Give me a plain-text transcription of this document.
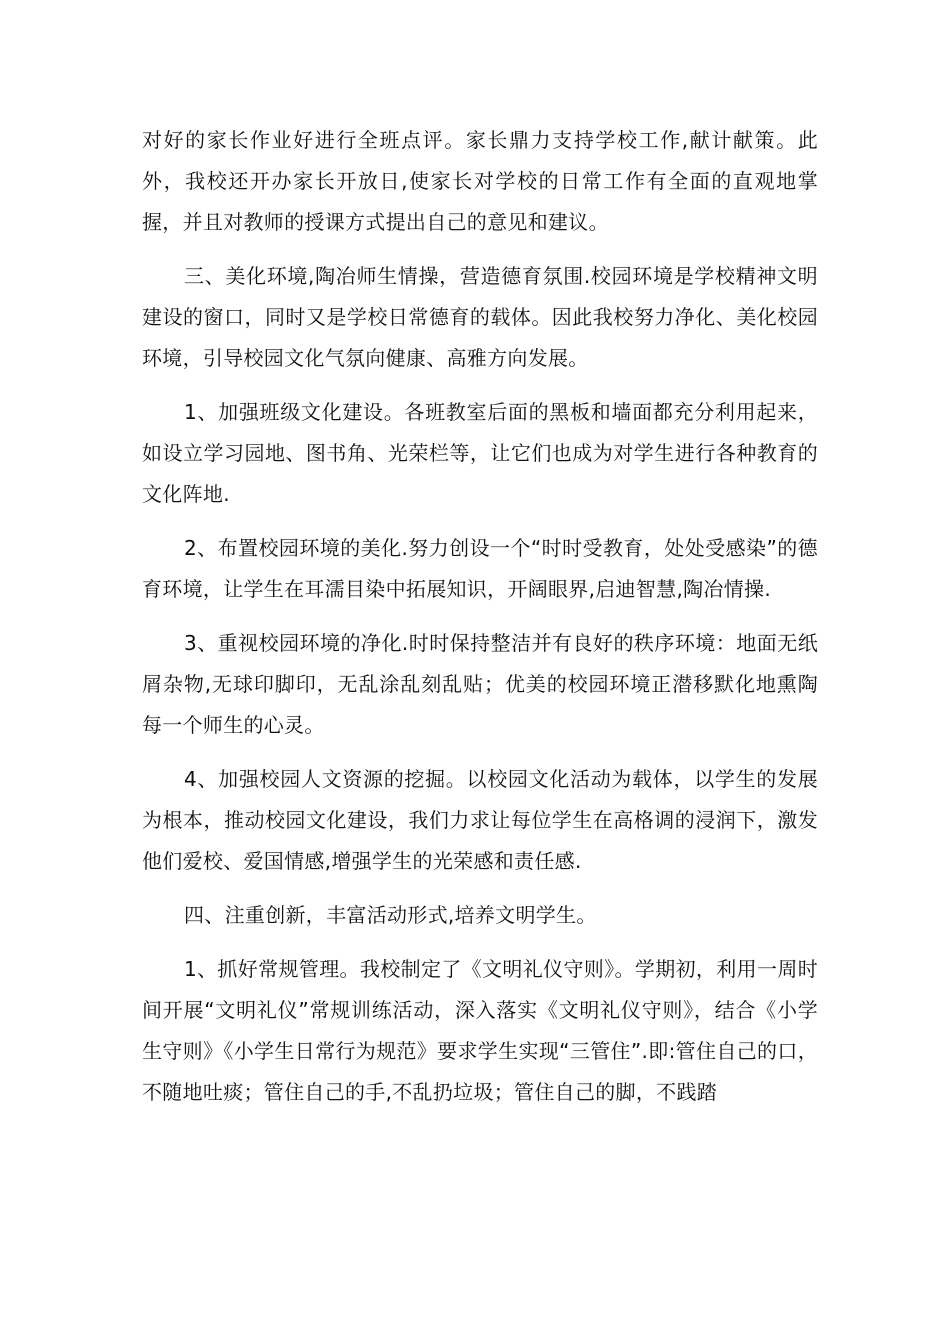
对好的家长作业好进行全班点评。家长鼎力支持学校工作,献计献策。此外，我校还开办家长开放日,使家长对学校的日常工作有全面的直观地掌握，并且对教师的授课方式提出自己的意见和建议。

三、美化环境,陶冶师生情操，营造德育氛围.校园环境是学校精神文明建设的窗口，同时又是学校日常德育的载体。因此我校努力净化、美化校园环境，引导校园文化气氛向健康、高雅方向发展。

1、加强班级文化建设。各班教室后面的黑板和墙面都充分利用起来，如设立学习园地、图书角、光荣栏等，让它们也成为对学生进行各种教育的文化阵地.

2、布置校园环境的美化.努力创设一个“时时受教育，处处受感染”的德育环境，让学生在耳濡目染中拓展知识，开阔眼界,启迪智慧,陶冶情操.

3、重视校园环境的净化.时时保持整洁并有良好的秩序环境：地面无纸屑杂物,无球印脚印，无乱涂乱刻乱贴；优美的校园环境正潜移默化地熏陶每一个师生的心灵。

4、加强校园人文资源的挖掘。以校园文化活动为载体，以学生的发展为根本，推动校园文化建设，我们力求让每位学生在高格调的浸润下，激发他们爱校、爱国情感,增强学生的光荣感和责任感.

四、注重创新，丰富活动形式,培养文明学生。

1、抓好常规管理。我校制定了《文明礼仪守则》。学期初，利用一周时间开展“文明礼仪”常规训练活动，深入落实《文明礼仪守则》，结合《小学生守则》《小学生日常行为规范》要求学生实现“三管住”.即:管住自己的口，不随地吐痰；管住自己的手,不乱扔垃圾；管住自己的脚，不践踏
